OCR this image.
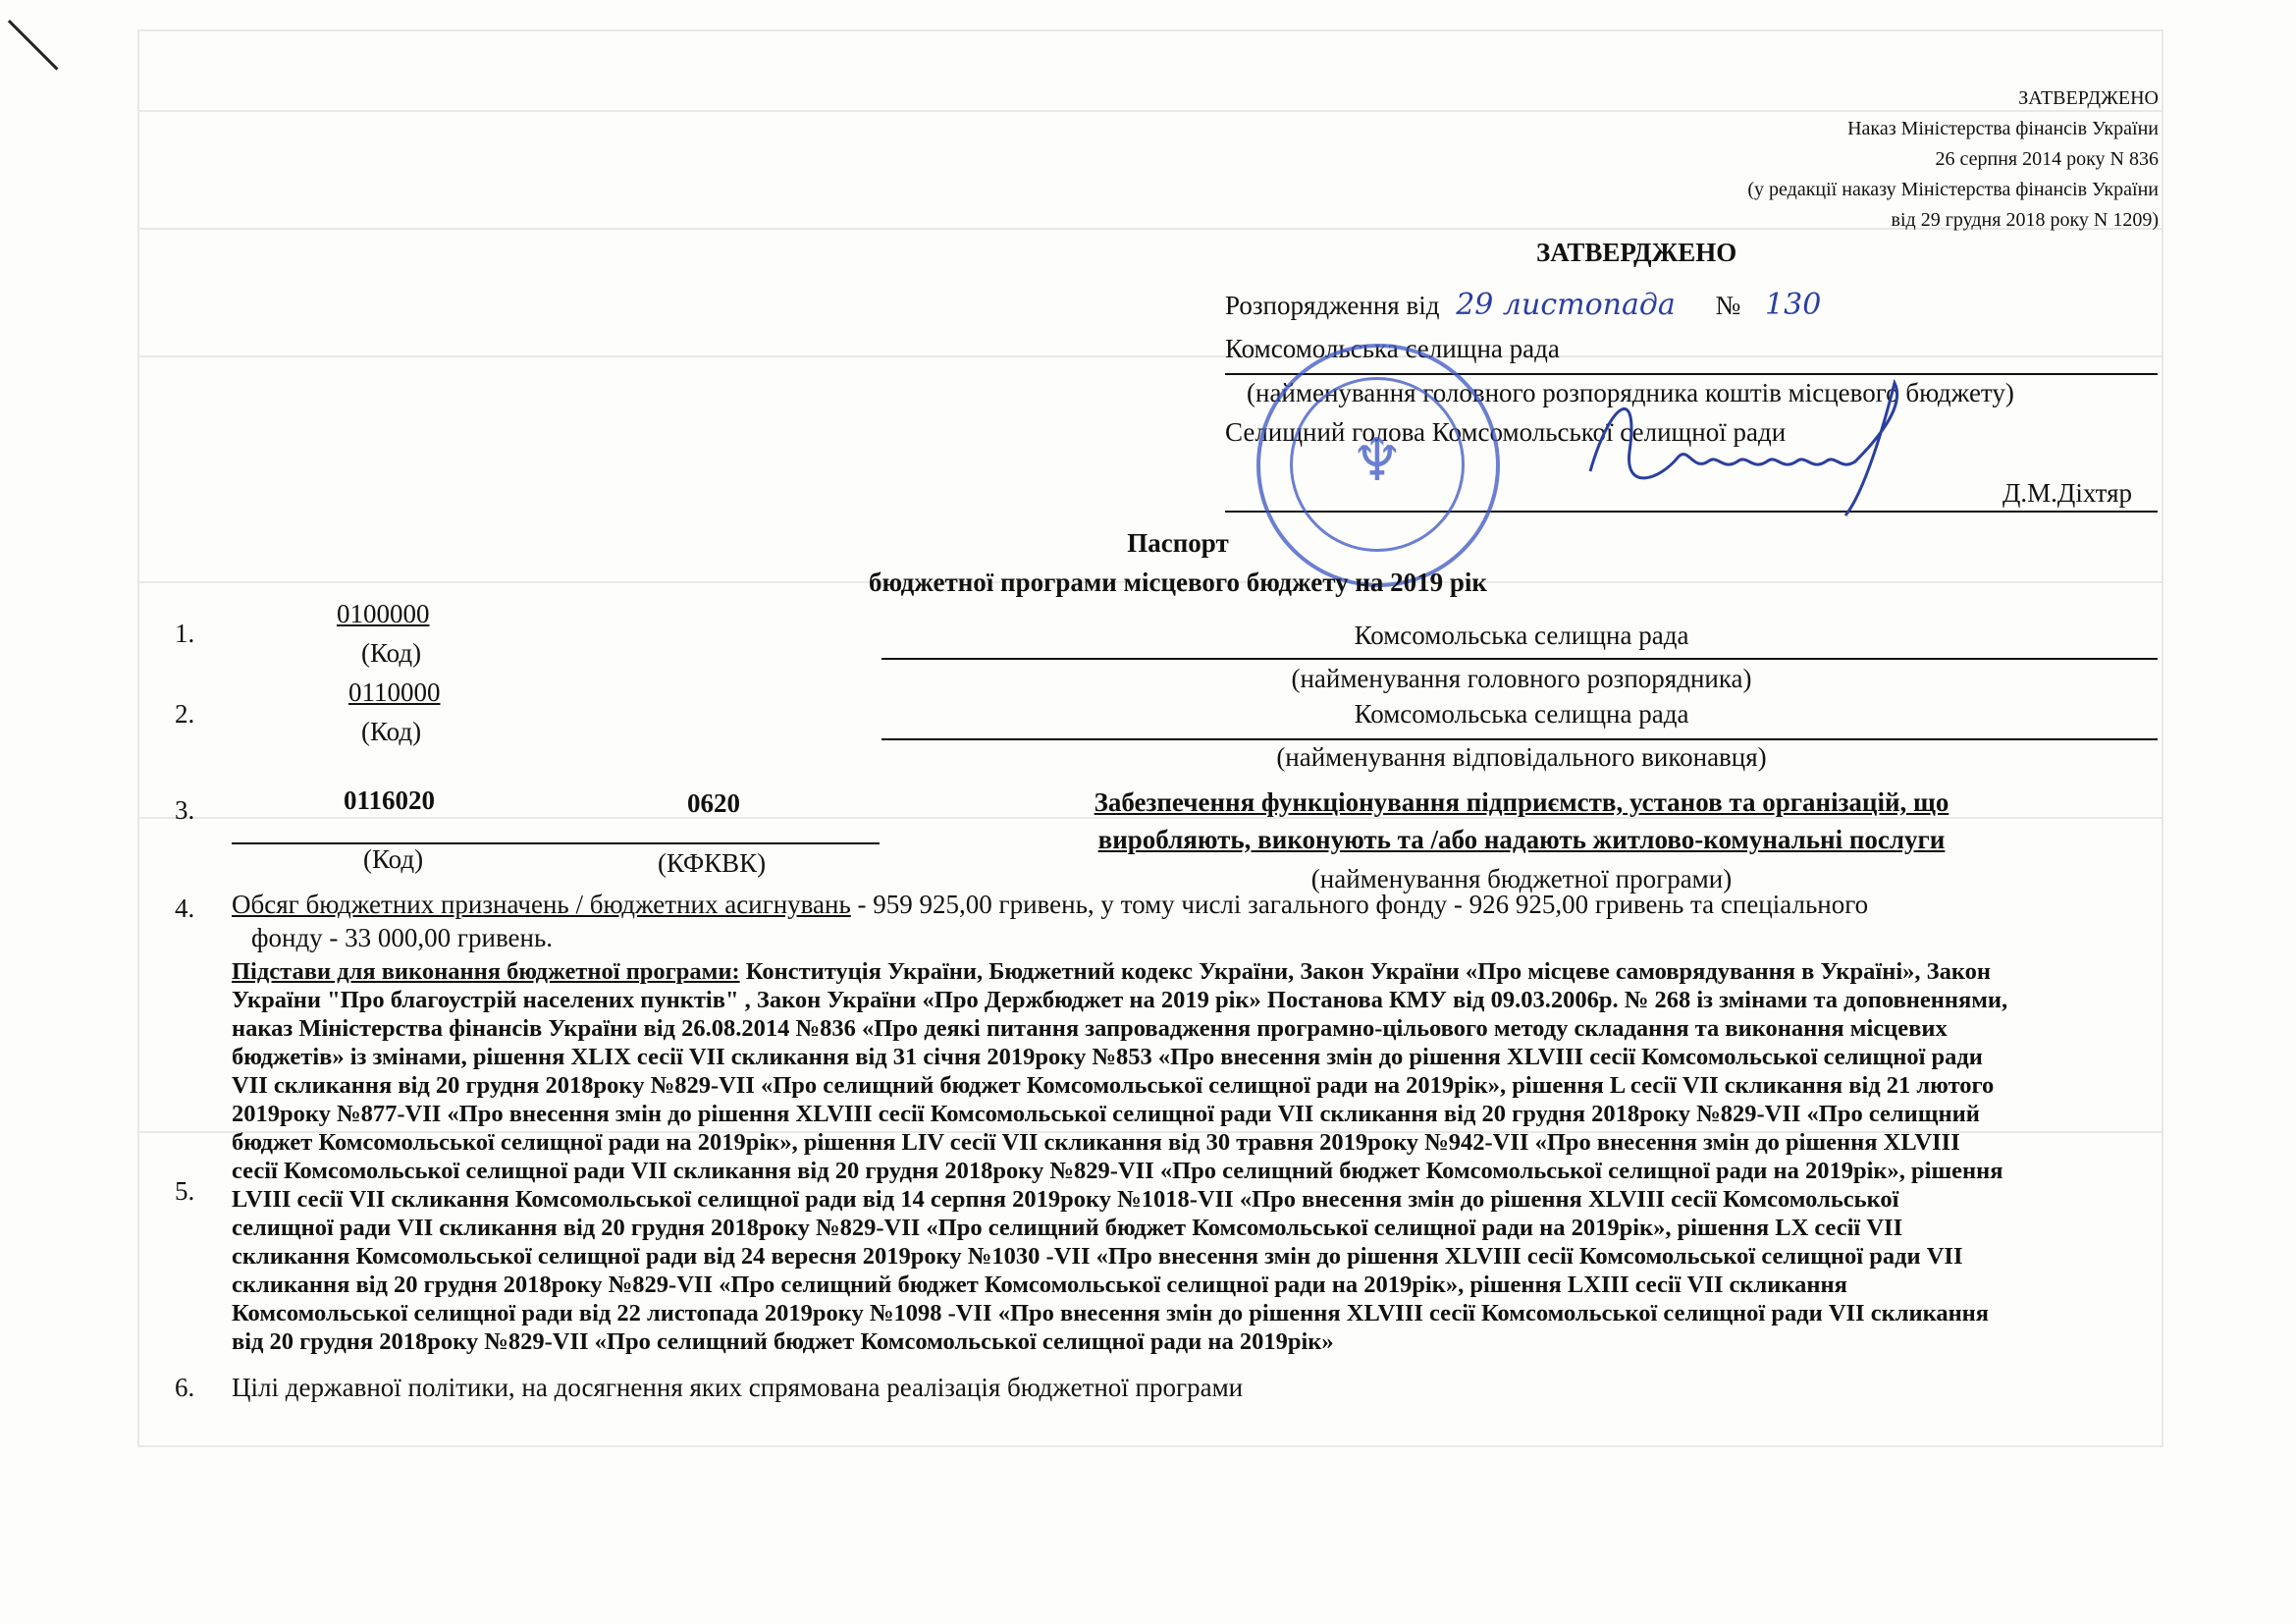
ЗАТВЕРДЖЕНО
Наказ Міністерства фінансів України
26 серпня 2014 року N 836
(у редакції наказу Міністерства фінансів України
від 29 грудня 2018 року N 1209)
ЗАТВЕРДЖЕНО
Розпорядження від 29 листопада № 130
Комсомольська селищна рада
(найменування головного розпорядника коштів місцевого бюджету)
Селищний голова Комсомольської селищної ради
Д.М.Діхтяр
♆
Паспорт
бюджетної програми місцевого бюджету на 2019 рік
1.
0100000
(Код)
Комсомольська селищна рада
(найменування головного розпорядника)
2.
0110000
(Код)
Комсомольська селищна рада
(найменування відповідального виконавця)
3.	0116020	0620
(Код)	(КФКВК)
Забезпечення функціонування підприємств, установ та організацій, що
виробляють, виконують та /або надають житлово-комунальні послуги
(найменування бюджетної програми)
4. Обсяг бюджетних призначень / бюджетних асигнувань - 959 925,00 гривень, у тому числі загального фонду - 926 925,00 гривень та спеціального
фонду - 33 000,00 гривень.
5.
Підстави для виконання бюджетної програми: Конституція України, Бюджетний кодекс України, Закон України «Про місцеве самоврядування в Україні», Закон
України "Про благоустрій населених пунктів" , Закон України «Про Держбюджет на 2019 рік» Постанова КМУ від 09.03.2006р. № 268 із змінами та доповненнями,
наказ Міністерства фінансів України від 26.08.2014 №836 «Про деякі питання запровадження програмно-цільового методу складання та виконання місцевих
бюджетів» із змінами, рішення XLIX сесії VII скликання від 31 січня 2019року №853 «Про внесення змін до рішення XLVIII сесії Комсомольської селищної ради
VII скликання від 20 грудня 2018року №829-VII «Про селищний бюджет Комсомольської селищної ради на 2019рік», рішення L сесії VII скликання від 21 лютого
2019року №877-VII «Про внесення змін до рішення XLVIII сесії Комсомольської селищної ради VII скликання від 20 грудня 2018року №829-VII «Про селищний
бюджет Комсомольської селищної ради на 2019рік», рішення LIV сесії VII скликання від 30 травня 2019року №942-VII «Про внесення змін до рішення XLVIII
сесії Комсомольської селищної ради VII скликання від 20 грудня 2018року №829-VII «Про селищний бюджет Комсомольської селищної ради на 2019рік», рішення
LVIII сесії VII скликання Комсомольської селищної ради від 14 серпня 2019року №1018-VII «Про внесення змін до рішення XLVIII сесії Комсомольської
селищної ради VII скликання від 20 грудня 2018року №829-VII «Про селищний бюджет Комсомольської селищної ради на 2019рік», рішення LX сесії VII
скликання Комсомольської селищної ради від 24 вересня 2019року №1030 -VII «Про внесення змін до рішення XLVIII сесії Комсомольської селищної ради VII
скликання від 20 грудня 2018року №829-VII «Про селищний бюджет Комсомольської селищної ради на 2019рік», рішення LXIII сесії VII скликання
Комсомольської селищної ради від 22 листопада 2019року №1098 -VII «Про внесення змін до рішення XLVIII сесії Комсомольської селищної ради VII скликання
від 20 грудня 2018року №829-VII «Про селищний бюджет Комсомольської селищної ради на 2019рік»
6. Цілі державної політики, на досягнення яких спрямована реалізація бюджетної програми
